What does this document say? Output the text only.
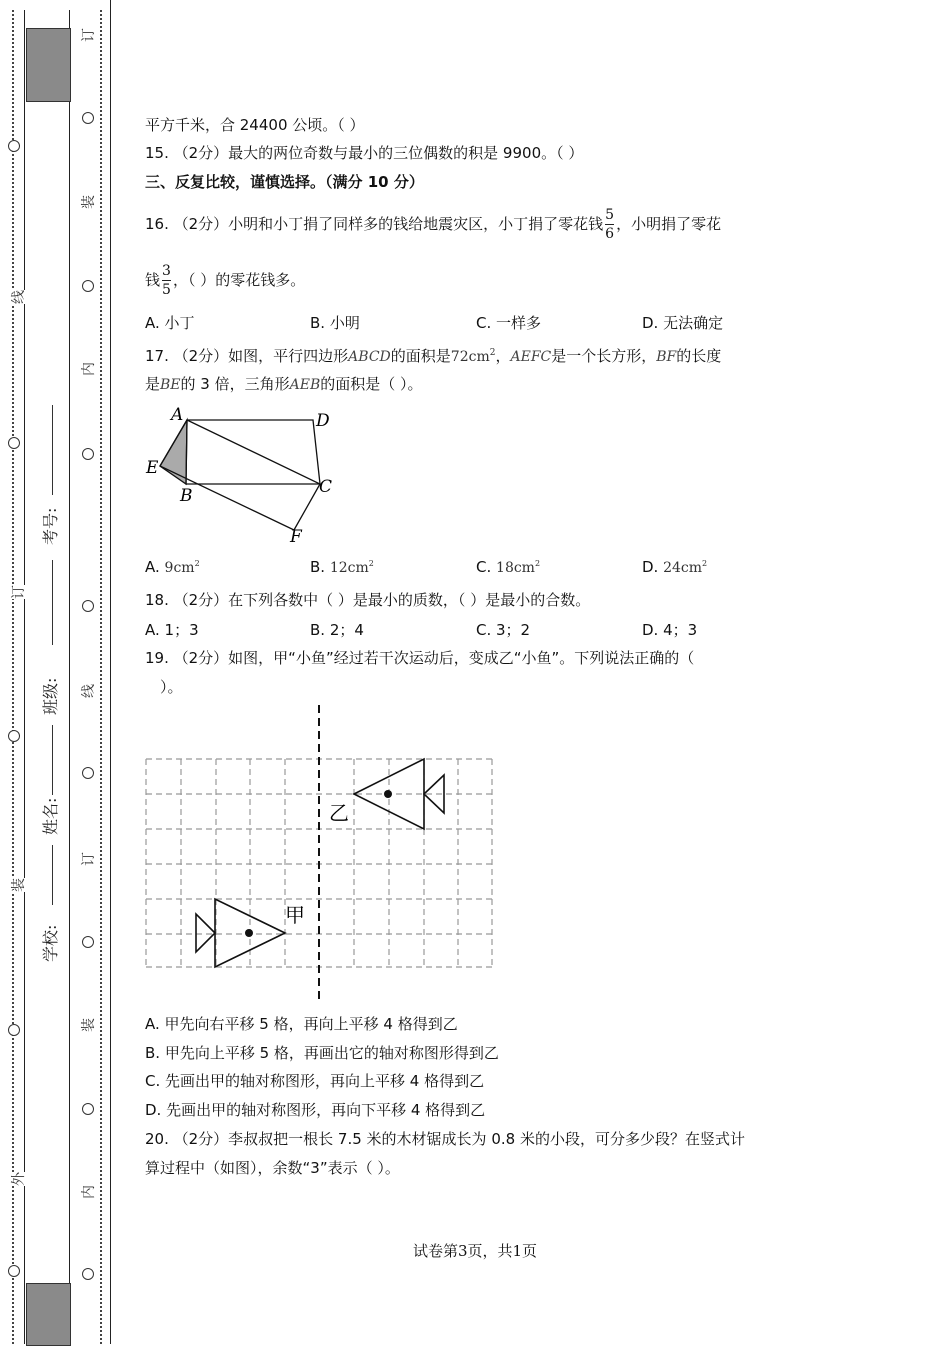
线
订
装
外
订
装
内
线
订
装
内
考号:
班级:
姓名:
学校:
平方千米，合 24400 公顷。（ ）
15. （2分）最大的两位奇数与最小的三位偶数的积是 9900。（ ）
三、反复比较，谨慎选择。（满分 10 分）
16. （2分）小明和小丁捐了同样多的钱给地震灾区，小丁捐了零花钱 $\frac{5}{6}$ ，小明捐了零花
钱 $\frac{3}{5}$ ，（ ）的零花钱多。
A. 小丁	B. 小明	C. 一样多	D. 无法确定
17. （2分）如图，平行四边形ABCD的面积是$72cm^2$，AEFC是一个长方形，BF的长度
是BE的 3 倍，三角形AEB的面积是（ ）。
A	D
E
B	C
F
A. $9cm^2$	B. $12cm^2$	C. $18cm^2$	D. $24cm^2$
18. （2分）在下列各数中（ ）是最小的质数，（ ）是最小的合数。
A. 1；3	B. 2；4	C. 3；2	D. 4；3
19. （2分）如图，甲“小鱼”经过若干次运动后，变成乙“小鱼”。下列说法正确的（
）。
乙
甲
A. 甲先向右平移 5 格，再向上平移 4 格得到乙
B. 甲先向上平移 5 格，再画出它的轴对称图形得到乙
C. 先画出甲的轴对称图形，再向上平移 4 格得到乙
D. 先画出甲的轴对称图形，再向下平移 4 格得到乙
20. （2分）李叔叔把一根长 7.5 米的木材锯成长为 0.8 米的小段，可分多少段？在竖式计
算过程中（如图），余数“3”表示（ ）。
试卷第3页，共1页
